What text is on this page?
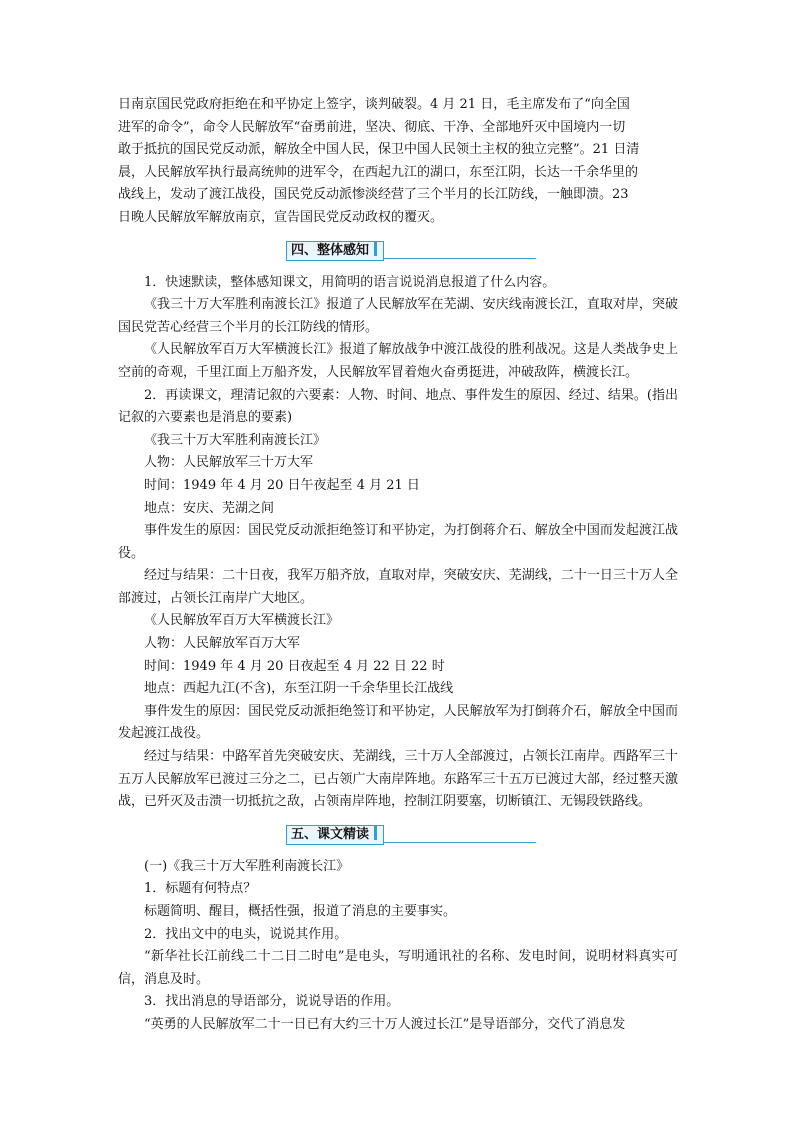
日南京国民党政府拒绝在和平协定上签字，谈判破裂。4 月 21 日，毛主席发布了“向全国

进军的命令”，命令人民解放军“奋勇前进，坚决、彻底、干净、全部地歼灭中国境内一切

敢于抵抗的国民党反动派，解放全中国人民，保卫中国人民领土主权的独立完整”。21 日清

晨，人民解放军执行最高统帅的进军令，在西起九江的湖口，东至江阴，长达一千余华里的

战线上，发动了渡江战役，国民党反动派惨淡经营了三个半月的长江防线，一触即溃。23

日晚人民解放军解放南京，宣告国民党反动政权的覆灭。

四、整体感知

1．快速默读，整体感知课文，用简明的语言说说消息报道了什么内容。

《我三十万大军胜利南渡长江》报道了人民解放军在芜湖、安庆线南渡长江，直取对岸，突破国民党苦心经营三个半月的长江防线的情形。

《人民解放军百万大军横渡长江》报道了解放战争中渡江战役的胜利战况。这是人类战争史上空前的奇观，千里江面上万船齐发，人民解放军冒着炮火奋勇挺进，冲破敌阵，横渡长江。

2．再读课文，理清记叙的六要素：人物、时间、地点、事件发生的原因、经过、结果。(指出记叙的六要素也是消息的要素)

《我三十万大军胜利南渡长江》

人物：人民解放军三十万大军

时间：1949 年 4 月 20 日午夜起至 4 月 21 日

地点：安庆、芜湖之间

事件发生的原因：国民党反动派拒绝签订和平协定，为打倒蒋介石、解放全中国而发起渡江战役。

经过与结果：二十日夜，我军万船齐放，直取对岸，突破安庆、芜湖线，二十一日三十万人全部渡过，占领长江南岸广大地区。

《人民解放军百万大军横渡长江》

人物：人民解放军百万大军

时间：1949 年 4 月 20 日夜起至 4 月 22 日 22 时

地点：西起九江(不含)，东至江阴一千余华里长江战线

事件发生的原因：国民党反动派拒绝签订和平协定，人民解放军为打倒蒋介石，解放全中国而发起渡江战役。

经过与结果：中路军首先突破安庆、芜湖线，三十万人全部渡过，占领长江南岸。西路军三十五万人民解放军已渡过三分之二，已占领广大南岸阵地。东路军三十五万已渡过大部，经过整天激战，已歼灭及击溃一切抵抗之敌，占领南岸阵地，控制江阴要塞，切断镇江、无锡段铁路线。

五、课文精读

(一)《我三十万大军胜利南渡长江》

1．标题有何特点？

标题简明、醒目，概括性强，报道了消息的主要事实。

2．找出文中的电头，说说其作用。

“新华社长江前线二十二日二时电”是电头，写明通讯社的名称、发电时间，说明材料真实可信，消息及时。

3．找出消息的导语部分，说说导语的作用。

“英勇的人民解放军二十一日已有大约三十万人渡过长江”是导语部分，交代了消息发
